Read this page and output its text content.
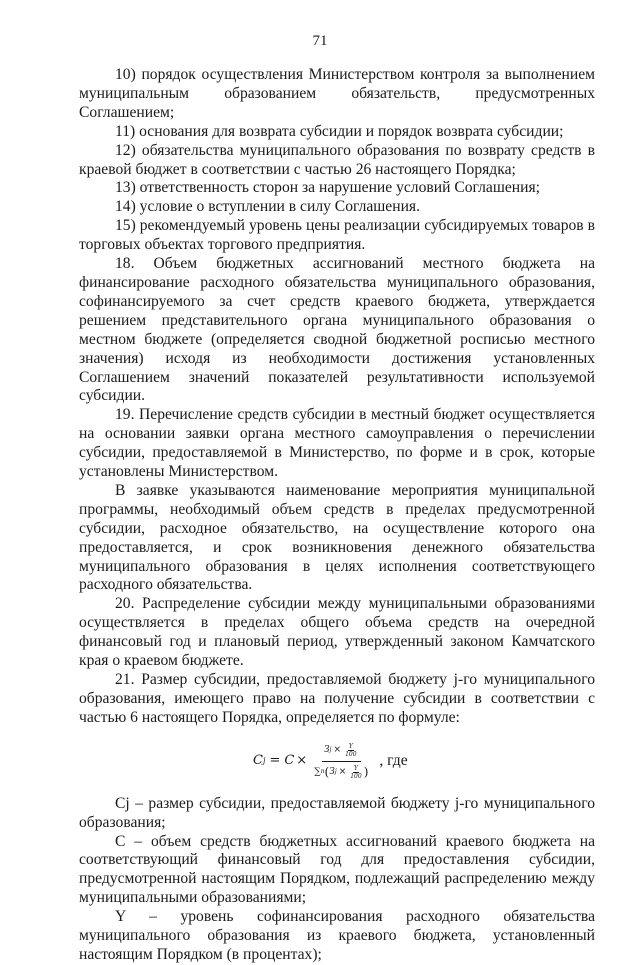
71

10) порядок осуществления Министерством контроля за выполнением муниципальным образованием обязательств, предусмотренных Соглашением;

11) основания для возврата субсидии и порядок возврата субсидии;

12) обязательства муниципального образования по возврату средств в краевой бюджет в соответствии с частью 26 настоящего Порядка;

13) ответственность сторон за нарушение условий Соглашения;

14) условие о вступлении в силу Соглашения.

15) рекомендуемый уровень цены реализации субсидируемых товаров в торговых объектах торгового предприятия.

18. Объем бюджетных ассигнований местного бюджета на финансирование расходного обязательства муниципального образования, софинансируемого за счет средств краевого бюджета, утверждается решением представительного органа муниципального образования о местном бюджете (определяется сводной бюджетной росписью местного значения) исходя из необходимости достижения установленных Соглашением значений показателей результативности используемой субсидии.

19. Перечисление средств субсидии в местный бюджет осуществляется на основании заявки органа местного самоуправления о перечислении субсидии, предоставляемой в Министерство, по форме и в срок, которые установлены Министерством.

В заявке указываются наименование мероприятия муниципальной программы, необходимый объем средств в пределах предусмотренной субсидии, расходное обязательство, на осуществление которого она предоставляется, и срок возникновения денежного обязательства муниципального образования в целях исполнения соответствующего расходного обязательства.

20. Распределение субсидии между муниципальными образованиями осуществляется в пределах общего объема средств на очередной финансовый год и плановый период, утвержденный законом Камчатского края о краевом бюджете.

21. Размер субсидии, предоставляемой бюджету j-го муниципального образования, имеющего право на получение субсидии в соответствии с частью 6 настоящего Порядка, определяется по формуле:

C j = C ×
З $j \times \frac{Y}{100}$
∑ n ( З $j \times \frac{Y}{100}$ )
, где

Cj – размер субсидии, предоставляемой бюджету j-го муниципального образования;

C – объем средств бюджетных ассигнований краевого бюджета на соответствующий финансовый год для предоставления субсидии, предусмотренной настоящим Порядком, подлежащий распределению между муниципальными образованиями;

Y – уровень софинансирования расходного обязательства муниципального образования из краевого бюджета, установленный настоящим Порядком (в процентах);
